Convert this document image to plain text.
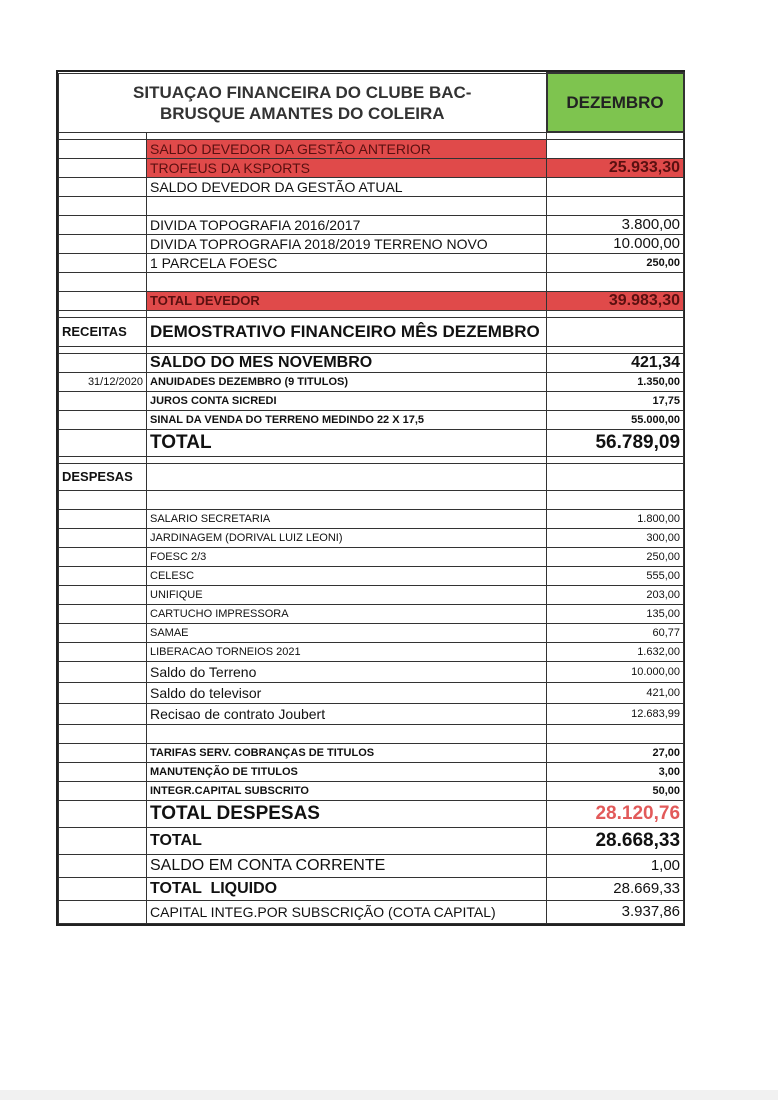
SITUAÇAO FINANCEIRA DO CLUBE BAC-
BRUSQUE AMANTES DO COLEIRA		DEZEMBRO

	SALDO DEVEDOR DA GESTÃO ANTERIOR	
	TROFEUS DA KSPORTS	25.933,30
	SALDO DEVEDOR DA GESTÃO ATUAL	

	DIVIDA TOPOGRAFIA 2016/2017	3.800,00
	DIVIDA TOPROGRAFIA 2018/2019 TERRENO NOVO	10.000,00
	1 PARCELA FOESC	250,00

	TOTAL DEVEDOR	39.983,30

RECEITAS	DEMOSTRATIVO FINANCEIRO MÊS DEZEMBRO	

	SALDO DO MES NOVEMBRO	421,34
31/12/2020	ANUIDADES DEZEMBRO (9 TITULOS)	1.350,00
	JUROS CONTA SICREDI	17,75
	SINAL DA VENDA DO TERRENO MEDINDO 22 X 17,5	55.000,00
	TOTAL	56.789,09

DESPESAS		

	SALARIO SECRETARIA	1.800,00
	JARDINAGEM (DORIVAL LUIZ LEONI)	300,00
	FOESC 2/3	250,00
	CELESC	555,00
	UNIFIQUE	203,00
	CARTUCHO IMPRESSORA	135,00
	SAMAE	60,77
	LIBERACAO TORNEIOS 2021	1.632,00
	Saldo do Terreno	10.000,00
	Saldo do televisor	421,00
	Recisao de contrato Joubert	12.683,99

	TARIFAS SERV. COBRANÇAS DE TITULOS	27,00
	MANUTENÇÃO DE TITULOS	3,00
	INTEGR.CAPITAL SUBSCRITO	50,00
	TOTAL DESPESAS	28.120,76
	TOTAL	28.668,33
	SALDO EM CONTA CORRENTE	1,00
	TOTAL  LIQUIDO	28.669,33
	CAPITAL INTEG.POR SUBSCRIÇÃO (COTA CAPITAL)	3.937,86
